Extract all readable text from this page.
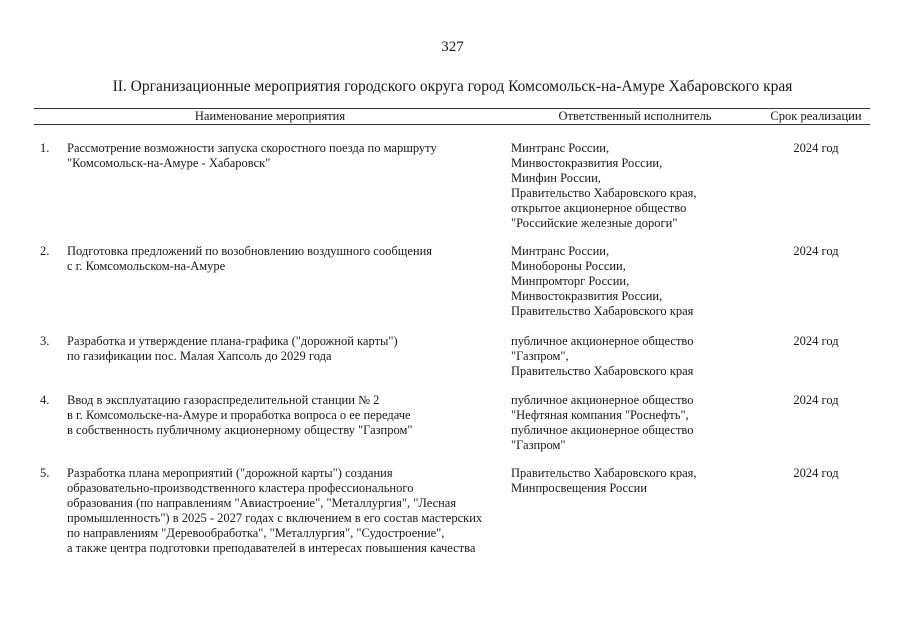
327
II. Организационные мероприятия городского округа город Комсомольск-на-Амуре Хабаровского края
Наименование мероприятия	Ответственный исполнитель	Срок реализации
1. Рассмотрение возможности запуска скоростного поезда по маршруту
"Комсомольск-на-Амуре - Хабаровск"
Минтранс России,
Минвостокразвития России,
Минфин России,
Правительство Хабаровского края,
открытое акционерное общество
"Российские железные дороги"
2024 год
2. Подготовка предложений по возобновлению воздушного сообщения
с г. Комсомольском-на-Амуре
Минтранс России,
Минобороны России,
Минпромторг России,
Минвостокразвития России,
Правительство Хабаровского края
2024 год
3. Разработка и утверждение плана-графика ("дорожной карты")
по газификации пос. Малая Хапсоль до 2029 года
публичное акционерное общество
"Газпром",
Правительство Хабаровского края
2024 год
4. Ввод в эксплуатацию газораспределительной станции № 2
в г. Комсомольске-на-Амуре и проработка вопроса о ее передаче
в собственность публичному акционерному обществу "Газпром"
публичное акционерное общество
"Нефтяная компания "Роснефть",
публичное акционерное общество
"Газпром"
2024 год
5. Разработка плана мероприятий ("дорожной карты") создания
образовательно-производственного кластера профессионального
образования (по направлениям "Авиастроение", "Металлургия", "Лесная
промышленность") в 2025 - 2027 годах с включением в его состав мастерских
по направлениям "Деревообработка", "Металлургия", "Судостроение",
а также центра подготовки преподавателей в интересах повышения качества
Правительство Хабаровского края,
Минпросвещения России
2024 год
